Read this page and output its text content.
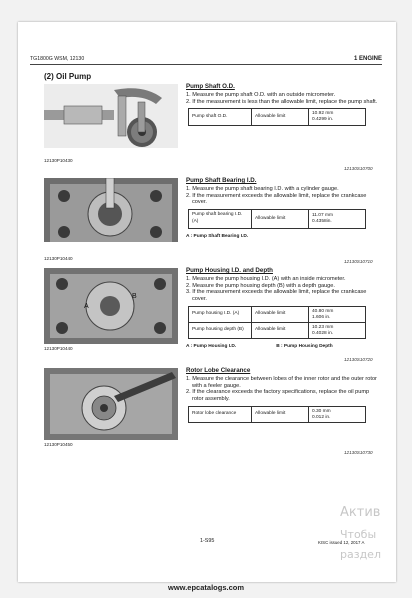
TG1800G WSM, 12130	1 ENGINE
(2) Oil Pump
12130P10430
12130P10440
A
B
12130P10440
12130P10450
Pump Shaft O.D.
1. Measure the pump shaft O.D. with an outside micrometer.
2. If the measurement is less than the allowable limit, replace the pump shaft.
Pump shaft O.D.	Allowable limit	10.92 mm
0.4299 in.
12130S10700
Pump Shaft Bearing I.D.
1. Measure the pump shaft bearing I.D. with a cylinder gauge.
2. If the measurement exceeds the allowable limit, replace the crankcase cover.
Pump shaft bearing I.D. (A)	Allowable limit	11.07 mm
0.4358in.
A : Pump Shaft Bearing I.D.
12130S10710
Pump Housing I.D. and Depth
1. Measure the pump housing I.D. (A) with an inside micrometer.
2. Measure the pump housing depth (B) with a depth gauge.
3. If the measurement exceeds the allowable limit, replace the crankcase cover.
Pump housing I.D. (A)	Allowable limit	40.80 mm
1.606 in.
Pump housing depth (B)	Allowable limit	10.23 mm
0.4028 in.
A : Pump Housing I.D.	B : Pump Housing Depth
12130S10720
Rotor Lobe Clearance
1. Measure the clearance between lobes of the inner rotor and the outer rotor with a feeler gauge.
2. If the clearance exceeds the factory specifications, replace the oil pump rotor assembly.
Rotor lobe clearance	Allowable limit	0.30 mm
0.012 in.
12130S10730
Актив
Чтобы
раздел
1-S95	KISC issued 12, 2017 A
www.epcatalogs.com
